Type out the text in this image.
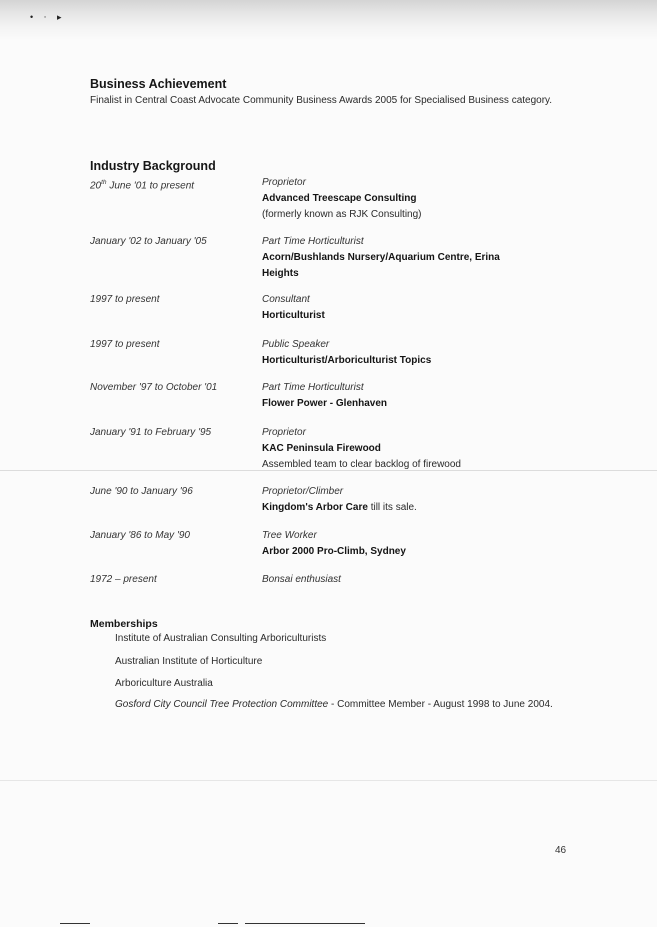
• ‧ ▸
Business Achievement
Finalist in Central Coast Advocate Community Business Awards 2005 for Specialised Business category.
Industry Background
20th June '01 to present	Proprietor
Advanced Treescape Consulting
(formerly known as RJK Consulting)
January '02 to January '05	Part Time Horticulturist
Acorn/Bushlands Nursery/Aquarium Centre, Erina Heights
1997 to present	Consultant
Horticulturist
1997 to present	Public Speaker
Horticulturist/Arboriculturist Topics
November '97 to October '01	Part Time Horticulturist
Flower Power - Glenhaven
January '91 to February '95	Proprietor
KAC Peninsula Firewood
Assembled team to clear backlog of firewood
June '90 to January '96	Proprietor/Climber
Kingdom's Arbor Care till its sale.
January '86 to May '90	Tree Worker
Arbor 2000 Pro-Climb, Sydney
1972 – present	Bonsai enthusiast
Memberships
Institute of Australian Consulting Arboriculturists
Australian Institute of Horticulture
Arboriculture Australia
Gosford City Council Tree Protection Committee - Committee Member - August 1998 to June 2004.
46
